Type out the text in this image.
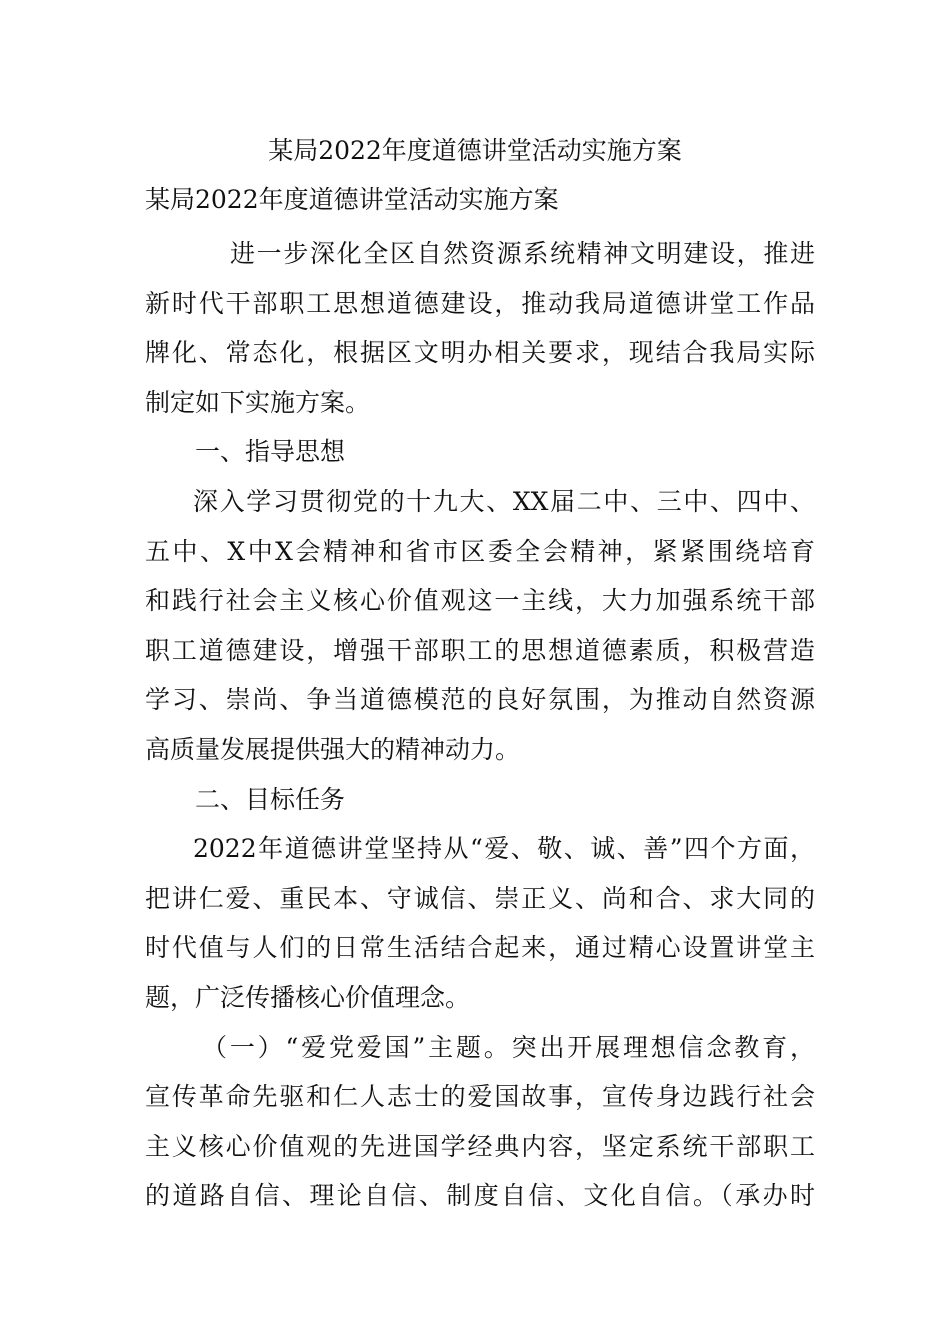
某局2022年度道德讲堂活动实施方案
某局2022年度道德讲堂活动实施方案
进一步深化全区自然资源系统精神文明建设，推进
新时代干部职工思想道德建设，推动我局道德讲堂工作品
牌化、常态化，根据区文明办相关要求，现结合我局实际
制定如下实施方案。
一、指导思想
深入学习贯彻党的十九大、XX届二中、三中、四中、
五中、X中X会精神和省市区委全会精神，紧紧围绕培育
和践行社会主义核心价值观这一主线，大力加强系统干部
职工道德建设，增强干部职工的思想道德素质，积极营造
学习、崇尚、争当道德模范的良好氛围，为推动自然资源
高质量发展提供强大的精神动力。
二、目标任务
2022年道德讲堂坚持从“爱、敬、诚、善”四个方面，
把讲仁爱、重民本、守诚信、崇正义、尚和合、求大同的
时代值与人们的日常生活结合起来，通过精心设置讲堂主
题，广泛传播核心价值理念。
（一）“爱党爱国”主题。突出开展理想信念教育，
宣传革命先驱和仁人志士的爱国故事，宣传身边践行社会
主义核心价值观的先进国学经典内容，坚定系统干部职工
的道路自信、理论自信、制度自信、文化自信。（承办时
